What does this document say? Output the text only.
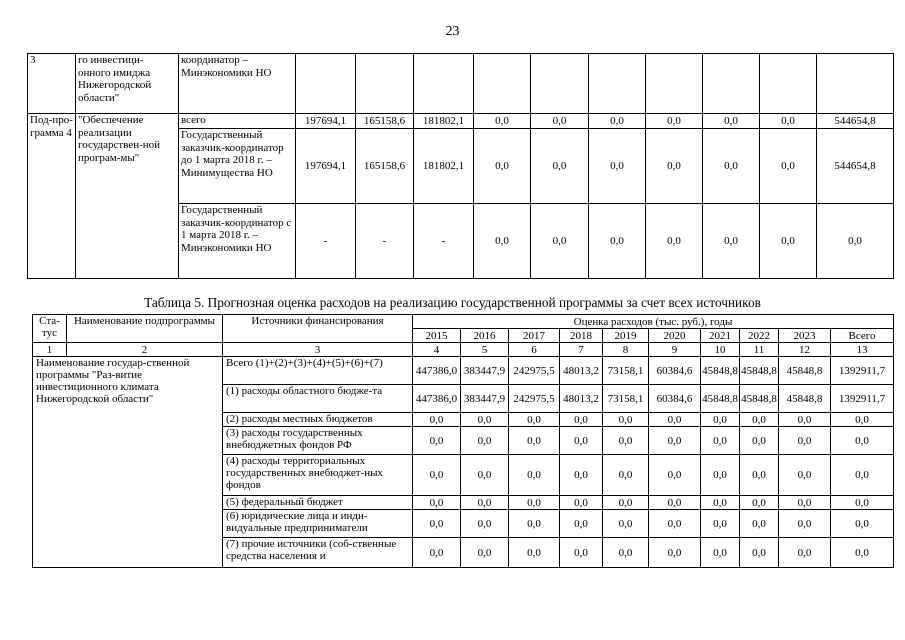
23
3	го инвестици-онного имиджа Нижегородской области"	координатор – Минэкономики НО										
Под-про-грамма 4	"Обеспечение реализации государствен-ной програм-мы"	всего	197694,1	165158,6	181802,1	0,0	0,0	0,0	0,0	0,0	0,0	544654,8
		Государственный заказчик-координатор до 1 марта 2018 г. – Минимущества НО	197694,1	165158,6	181802,1	0,0	0,0	0,0	0,0	0,0	0,0	544654,8
		Государственный заказчик-координатор с 1 марта 2018 г. – Минэкономики НО	-	-	-	0,0	0,0	0,0	0,0	0,0	0,0	0,0
Таблица 5. Прогнозная оценка расходов на реализацию государственной программы за счет всех источников
Ста-тус	Наименование подпрограммы	Источники финансирования	Оценка расходов (тыс. руб.), годы									
			2015	2016	2017	2018	2019	2020	2021	2022	2023	Всего
1	2	3	4	5	6	7	8	9	10	11	12	13
Наименование государ-ственной программы "Раз-витие инвестиционного климата Нижегородской области"		Всего (1)+(2)+(3)+(4)+(5)+(6)+(7)	447386,0	383447,9	242975,5	48013,2	73158,1	60384,6	45848,8	45848,8	45848,8	1392911,7
		(1) расходы областного бюдже-та	447386,0	383447,9	242975,5	48013,2	73158,1	60384,6	45848,8	45848,8	45848,8	1392911,7
		(2) расходы местных бюджетов	0,0	0,0	0,0	0,0	0,0	0,0	0,0	0,0	0,0	0,0
		(3) расходы государственных внебюджетных фондов РФ	0,0	0,0	0,0	0,0	0,0	0,0	0,0	0,0	0,0	0,0
		(4) расходы территориальных государственных внебюджет-ных фондов	0,0	0,0	0,0	0,0	0,0	0,0	0,0	0,0	0,0	0,0
		(5) федеральный бюджет	0,0	0,0	0,0	0,0	0,0	0,0	0,0	0,0	0,0	0,0
		(6) юридические лица и инди-видуальные предприниматели	0,0	0,0	0,0	0,0	0,0	0,0	0,0	0,0	0,0	0,0
		(7) прочие источники (соб-ственные средства населения и	0,0	0,0	0,0	0,0	0,0	0,0	0,0	0,0	0,0	0,0
